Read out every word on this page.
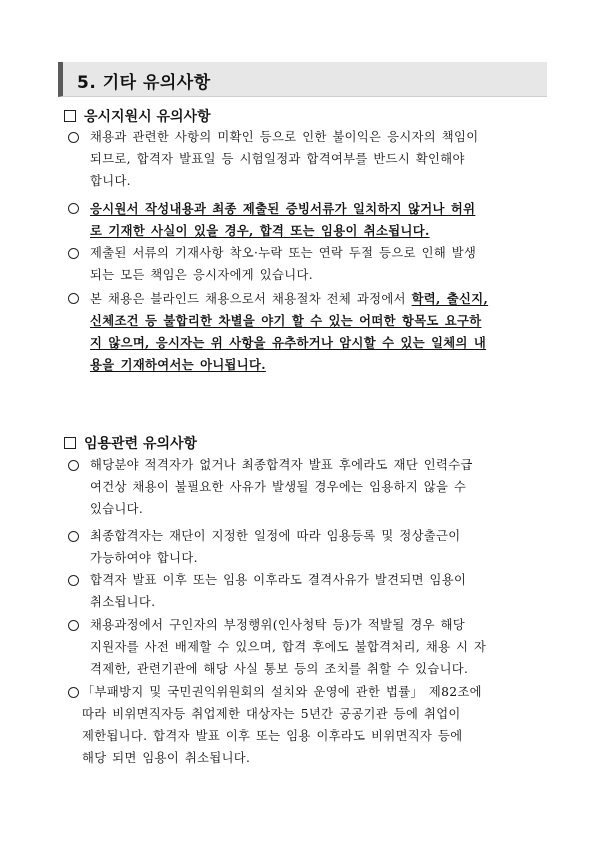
5. 기타 유의사항
응시지원시 유의사항
채용과 관련한 사항의 미확인 등으로 인한 불이익은 응시자의 책임이
되므로, 합격자 발표일 등 시험일정과 합격여부를 반드시 확인해야
합니다.
응시원서 작성내용과 최종 제출된 증빙서류가 일치하지 않거나 허위
로 기재한 사실이 있을 경우, 합격 또는 임용이 취소됩니다.
제출된 서류의 기재사항 착오·누락 또는 연락 두절 등으로 인해 발생
되는 모든 책임은 응시자에게 있습니다.
본 채용은 블라인드 채용으로서 채용절차 전체 과정에서 학력, 출신지,
신체조건 등 불합리한 차별을 야기 할 수 있는 어떠한 항목도 요구하
지 않으며, 응시자는 위 사항을 유추하거나 암시할 수 있는 일체의 내
용을 기재하여서는 아니됩니다.
임용관련 유의사항
해당분야 적격자가 없거나 최종합격자 발표 후에라도 재단 인력수급
여건상 채용이 불필요한 사유가 발생될 경우에는 임용하지 않을 수
있습니다.
최종합격자는 재단이 지정한 일정에 따라 임용등록 및 정상출근이
가능하여야 합니다.
합격자 발표 이후 또는 임용 이후라도 결격사유가 발견되면 임용이
취소됩니다.
채용과정에서 구인자의 부정행위(인사청탁 등)가 적발될 경우 해당
지원자를 사전 배제할 수 있으며, 합격 후에도 불합격처리, 채용 시 자
격제한, 관련기관에 해당 사실 통보 등의 조치를 취할 수 있습니다.
「부패방지 및 국민권익위원회의 설치와 운영에 관한 법률」 제82조에
따라 비위면직자등 취업제한 대상자는 5년간 공공기관 등에 취업이
제한됩니다. 합격자 발표 이후 또는 임용 이후라도 비위면직자 등에
해당 되면 임용이 취소됩니다.
